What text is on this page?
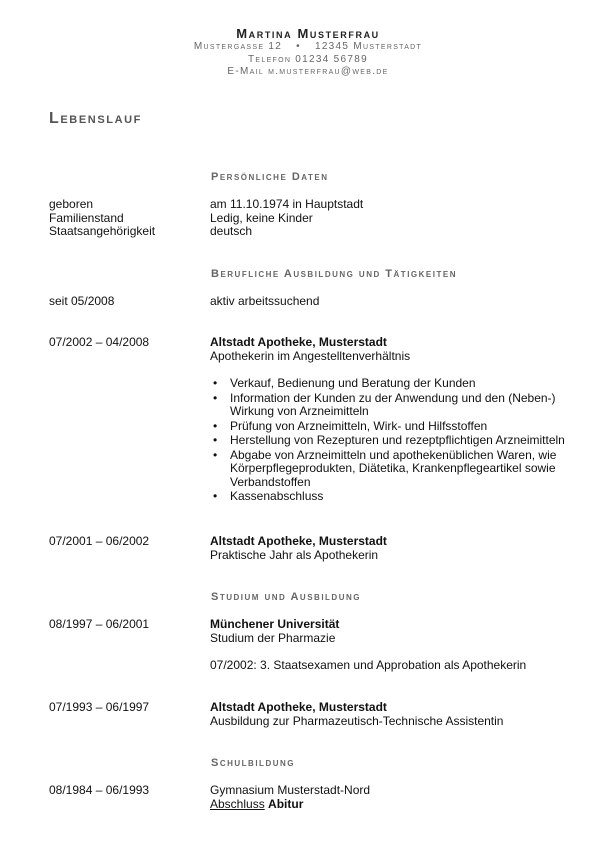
Martina Musterfrau
Mustergasse 12 • 12345 Musterstadt
Telefon 01234 56789
E-Mail m.musterfrau@web.de
Lebenslauf
Persönliche Daten
geboren	am 11.10.1974 in Hauptstadt
Familienstand	Ledig, keine Kinder
Staatsangehörigkeit	deutsch
Berufliche Ausbildung und Tätigkeiten
seit 05/2008	aktiv arbeitssuchend
07/2002 – 04/2008	Altstadt Apotheke, Musterstadt
Apothekerin im Angestelltenverhältnis
• Verkauf, Bedienung und Beratung der Kunden
• Information der Kunden zu der Anwendung und den (Neben-) Wirkung von Arzneimitteln
• Prüfung von Arzneimitteln, Wirk- und Hilfsstoffen
• Herstellung von Rezepturen und rezeptpflichtigen Arzneimitteln
• Abgabe von Arzneimitteln und apothekenüblichen Waren, wie Körperpflegeprodukten, Diätetika, Krankenpflegeartikel sowie Verbandstoffen
• Kassenabschluss
07/2001 – 06/2002	Altstadt Apotheke, Musterstadt
Praktische Jahr als Apothekerin
Studium und Ausbildung
08/1997 – 06/2001	Münchener Universität
Studium der Pharmazie
07/2002: 3. Staatsexamen und Approbation als Apothekerin
07/1993 – 06/1997	Altstadt Apotheke, Musterstadt
Ausbildung zur Pharmazeutisch-Technische Assistentin
Schulbildung
08/1984 – 06/1993	Gymnasium Musterstadt-Nord
Abschluss Abitur
